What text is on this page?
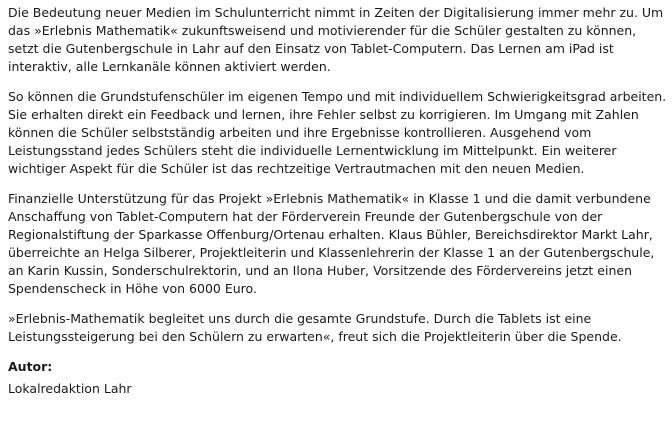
Die Bedeutung neuer Medien im Schulunterricht nimmt in Zeiten der Digitalisierung immer mehr zu. Um das »Erlebnis Mathematik« zukunftsweisend und motivierender für die Schüler gestalten zu können, setzt die Gutenbergschule in Lahr auf den Einsatz von Tablet-Computern. Das Lernen am iPad ist interaktiv, alle Lernkanäle können aktiviert werden.

So können die Grundstufenschüler im eigenen Tempo und mit individuellem Schwierigkeitsgrad arbeiten. Sie erhalten direkt ein Feedback und lernen, ihre Fehler selbst zu korrigieren. Im Umgang mit Zahlen können die Schüler selbstständig arbeiten und ihre Ergebnisse kontrollieren. Ausgehend vom Leistungsstand jedes Schülers steht die individuelle Lernentwicklung im Mittelpunkt. Ein weiterer wichtiger Aspekt für die Schüler ist das rechtzeitige Vertrautmachen mit den neuen Medien.

Finanzielle Unterstützung für das Projekt »Erlebnis Mathematik« in Klasse 1 und die damit verbundene Anschaffung von Tablet-Computern hat der Förderverein Freunde der Gutenbergschule von der Regionalstiftung der Sparkasse Offenburg/Ortenau erhalten. Klaus Bühler, Bereichsdirektor Markt Lahr, überreichte an Helga Silberer, Projektleiterin und Klassenlehrerin der Klasse 1 an der Gutenbergschule, an Karin Kussin, Sonderschulrektorin, und an Ilona Huber, Vorsitzende des Fördervereins jetzt einen Spendenscheck in Höhe von 6000 Euro.

»Erlebnis-Mathematik begleitet uns durch die gesamte Grundstufe. Durch die Tablets ist eine Leistungssteigerung bei den Schülern zu erwarten«, freut sich die Projektleiterin über die Spende.

Autor:
Lokalredaktion Lahr
